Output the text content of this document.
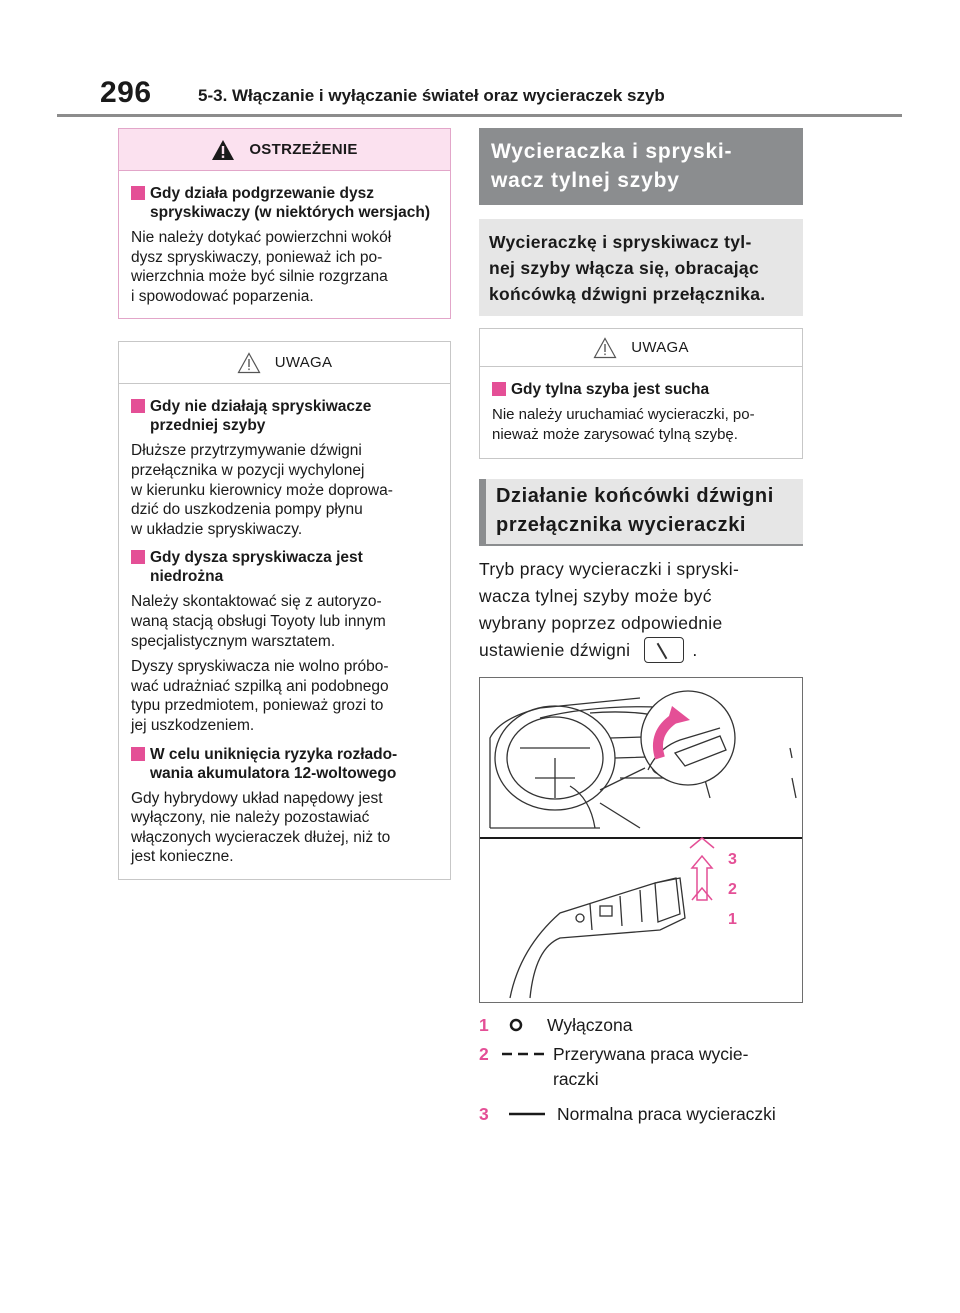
296	5-3. Włączanie i wyłączanie świateł oraz wycieraczek szyb
OSTRZEŻENIE
Gdy działa podgrzewanie dysz spryskiwaczy (w niektórych wersjach)
Nie należy dotykać powierzchni wokół
dysz spryskiwaczy, ponieważ ich po-
wierzchnia może być silnie rozgrzana
i spowodować poparzenia.
UWAGA
Gdy nie działają spryskiwacze przedniej szyby
Dłuższe przytrzymywanie dźwigni
przełącznika w pozycji wychylonej
w kierunku kierownicy może doprowa-
dzić do uszkodzenia pompy płynu
w układzie spryskiwaczy.
Gdy dysza spryskiwacza jest niedrożna
Należy skontaktować się z autoryzo-
waną stacją obsługi Toyoty lub innym
specjalistycznym warsztatem.
Dyszy spryskiwacza nie wolno próbo-
wać udrażniać szpilką ani podobnego
typu przedmiotem, ponieważ grozi to
jej uszkodzeniem.
W celu uniknięcia ryzyka rozłado-wania akumulatora 12-woltowego
Gdy hybrydowy układ napędowy jest
wyłączony, nie należy pozostawiać
włączonych wycieraczek dłużej, niż to
jest konieczne.
Wycieraczka i spryski-
wacz tylnej szyby
Wycieraczkę i spryskiwacz tyl-
nej szyby włącza się, obracając
końcówką dźwigni przełącznika.
UWAGA
Gdy tylna szyba jest sucha
Nie należy uruchamiać wycieraczki, po-
nieważ może zarysować tylną szybę.
Działanie końcówki dźwigni
przełącznika wycieraczki
Tryb pracy wycieraczki i spryski-
wacza tylnej szyby może być
wybrany poprzez odpowiednie
ustawienie dźwigni	.
3
2
1
1	Wyłączona
2	Przerywana praca wycie-
raczki
3	Normalna praca wycieraczki
